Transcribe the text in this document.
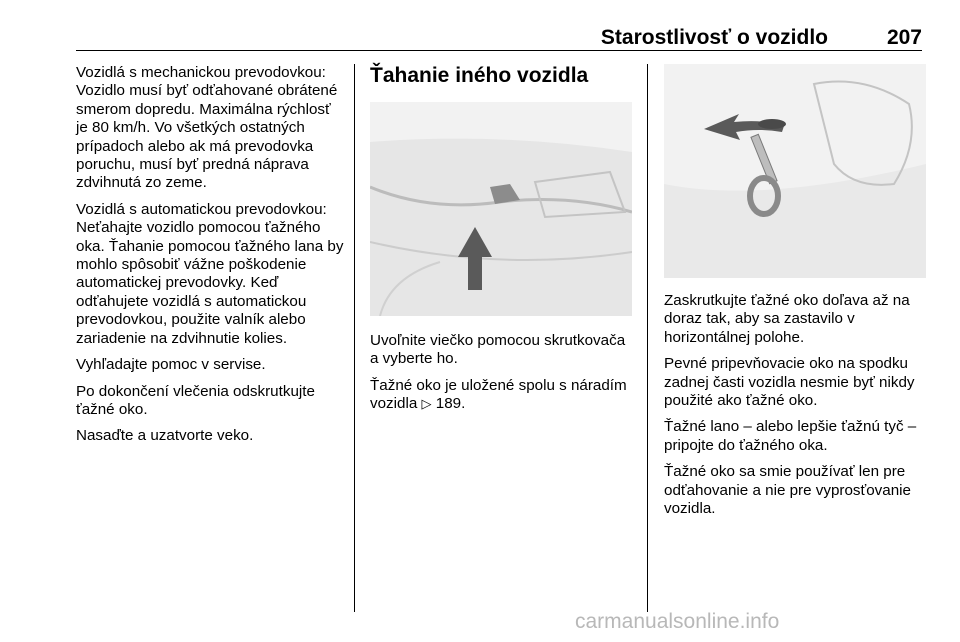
Starostlivosť o vozidlo	207

Vozidlá s mechanickou prevodovkou: Vozidlo musí byť odťahované obrátené smerom dopredu. Maximálna rýchlosť je 80 km/h. Vo všetkých ostatných prípadoch alebo ak má prevodovka poruchu, musí byť predná náprava zdvihnutá zo zeme.

Vozidlá s automatickou prevodovkou: Neťahajte vozidlo pomocou ťažného oka. Ťahanie pomocou ťažného lana by mohlo spôsobiť vážne poškodenie automatickej prevodovky. Keď odťahujete vozidlá s automatickou prevodovkou, použite valník alebo zariadenie na zdvihnutie kolies.

Vyhľadajte pomoc v servise.

Po dokončení vlečenia odskrutkujte ťažné oko.

Nasaďte a uzatvorte veko.

Ťahanie iného vozidla

Uvoľnite viečko pomocou skrutkovača a vyberte ho.

Ťažné oko je uložené spolu s náradím vozidla ▷ 189.

Zaskrutkujte ťažné oko doľava až na doraz tak, aby sa zastavilo v horizontálnej polohe.

Pevné pripevňovacie oko na spodku zadnej časti vozidla nesmie byť nikdy použité ako ťažné oko.

Ťažné lano – alebo lepšie ťažnú tyč – pripojte do ťažného oka.

Ťažné oko sa smie používať len pre odťahovanie a nie pre vyprosťovanie vozidla.

carmanualsonline.info
